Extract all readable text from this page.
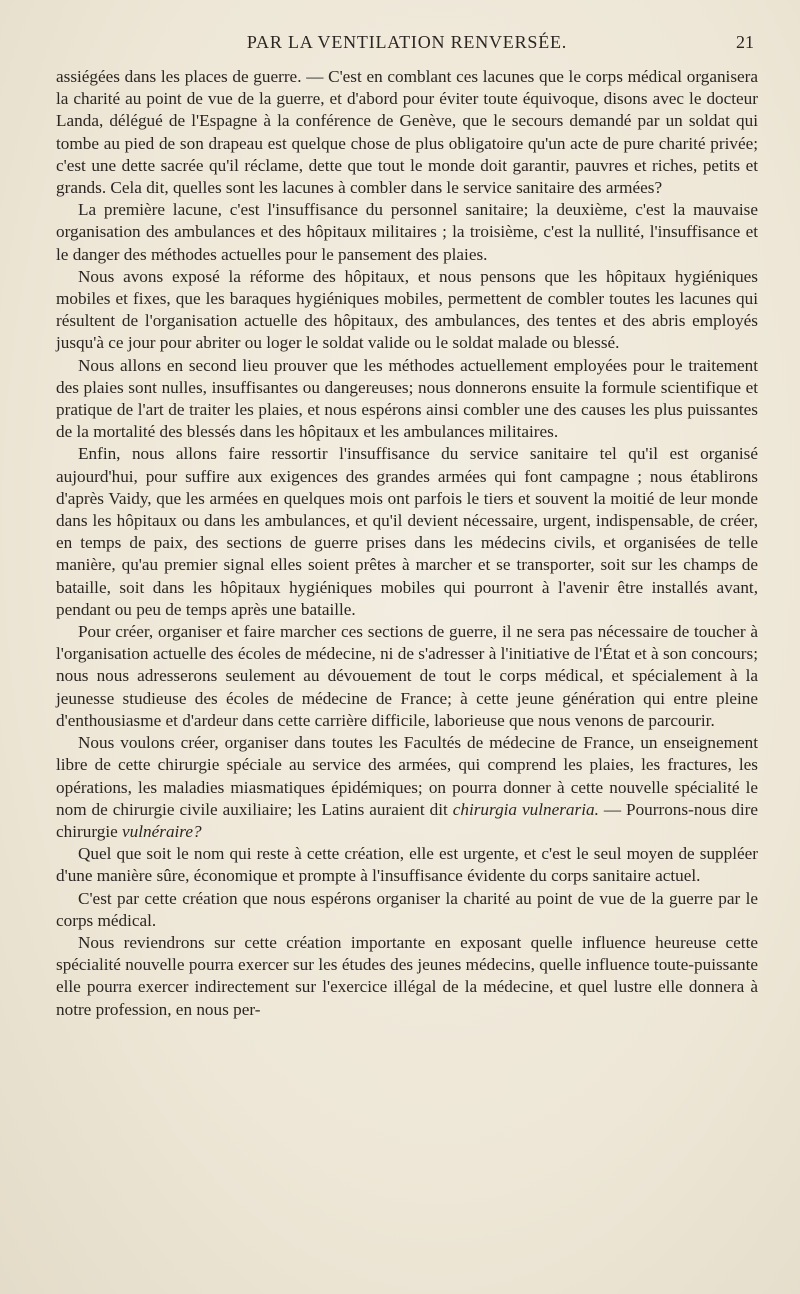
PAR LA VENTILATION RENVERSÉE.	21

assiégées dans les places de guerre. — C'est en comblant ces lacunes que le corps médical organisera la charité au point de vue de la guerre, et d'abord pour éviter toute équivoque, disons avec le docteur Landa, délégué de l'Espagne à la conférence de Genève, que le secours demandé par un soldat qui tombe au pied de son drapeau est quelque chose de plus obligatoire qu'un acte de pure charité privée; c'est une dette sacrée qu'il réclame, dette que tout le monde doit garantir, pauvres et riches, petits et grands. Cela dit, quelles sont les lacunes à combler dans le service sanitaire des armées?

La première lacune, c'est l'insuffisance du personnel sanitaire; la deuxième, c'est la mauvaise organisation des ambulances et des hôpitaux militaires ; la troisième, c'est la nullité, l'insuffisance et le danger des méthodes actuelles pour le pansement des plaies.

Nous avons exposé la réforme des hôpitaux, et nous pensons que les hôpitaux hygiéniques mobiles et fixes, que les baraques hygiéniques mobiles, permettent de combler toutes les lacunes qui résultent de l'organisation actuelle des hôpitaux, des ambulances, des tentes et des abris employés jusqu'à ce jour pour abriter ou loger le soldat valide ou le soldat malade ou blessé.

Nous allons en second lieu prouver que les méthodes actuellement employées pour le traitement des plaies sont nulles, insuffisantes ou dangereuses; nous donnerons ensuite la formule scientifique et pratique de l'art de traiter les plaies, et nous espérons ainsi combler une des causes les plus puissantes de la mortalité des blessés dans les hôpitaux et les ambulances militaires.

Enfin, nous allons faire ressortir l'insuffisance du service sanitaire tel qu'il est organisé aujourd'hui, pour suffire aux exigences des grandes armées qui font campagne ; nous établirons d'après Vaidy, que les armées en quelques mois ont parfois le tiers et souvent la moitié de leur monde dans les hôpitaux ou dans les ambulances, et qu'il devient nécessaire, urgent, indispensable, de créer, en temps de paix, des sections de guerre prises dans les médecins civils, et organisées de telle manière, qu'au premier signal elles soient prêtes à marcher et se transporter, soit sur les champs de bataille, soit dans les hôpitaux hygiéniques mobiles qui pourront à l'avenir être installés avant, pendant ou peu de temps après une bataille.

Pour créer, organiser et faire marcher ces sections de guerre, il ne sera pas nécessaire de toucher à l'organisation actuelle des écoles de médecine, ni de s'adresser à l'initiative de l'État et à son concours; nous nous adresserons seulement au dévouement de tout le corps médical, et spécialement à la jeunesse studieuse des écoles de médecine de France; à cette jeune génération qui entre pleine d'enthousiasme et d'ardeur dans cette carrière difficile, laborieuse que nous venons de parcourir.

Nous voulons créer, organiser dans toutes les Facultés de médecine de France, un enseignement libre de cette chirurgie spéciale au service des armées, qui comprend les plaies, les fractures, les opérations, les maladies miasmatiques épidémiques; on pourra donner à cette nouvelle spécialité le nom de chirurgie civile auxiliaire; les Latins auraient dit chirurgia vulneraria. — Pourrons-nous dire chirurgie vulnéraire?

Quel que soit le nom qui reste à cette création, elle est urgente, et c'est le seul moyen de suppléer d'une manière sûre, économique et prompte à l'insuffisance évidente du corps sanitaire actuel.

C'est par cette création que nous espérons organiser la charité au point de vue de la guerre par le corps médical.

Nous reviendrons sur cette création importante en exposant quelle influence heureuse cette spécialité nouvelle pourra exercer sur les études des jeunes médecins, quelle influence toute-puissante elle pourra exercer indirectement sur l'exercice illégal de la médecine, et quel lustre elle donnera à notre profession, en nous per-
